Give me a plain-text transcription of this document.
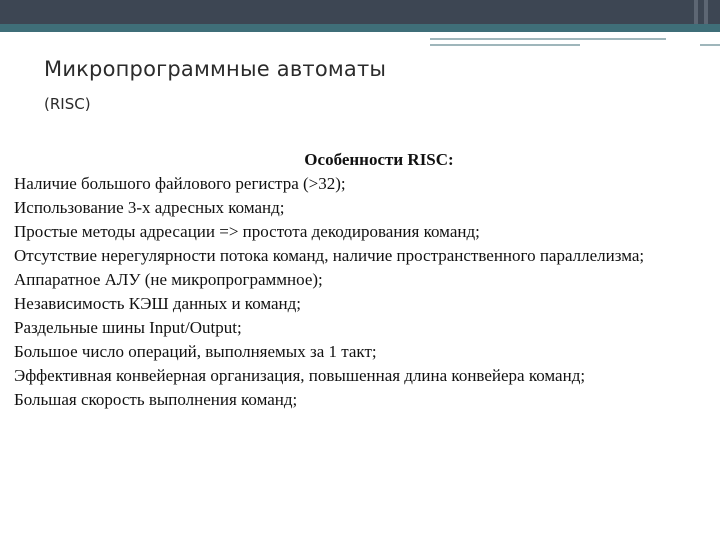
Микропрограммные автоматы
(RISC)
Особенности RISC:
Наличие большого файлового регистра (>32);
Использование 3-х адресных команд;
Простые методы адресации => простота декодирования команд;
Отсутствие нерегулярности потока команд, наличие пространственного параллелизма;
Аппаратное АЛУ (не микропрограммное);
Независимость КЭШ данных и команд;
Раздельные шины Input/Output;
Большое число операций, выполняемых за 1 такт;
Эффективная конвейерная организация, повышенная длина конвейера команд;
Большая скорость выполнения команд;
